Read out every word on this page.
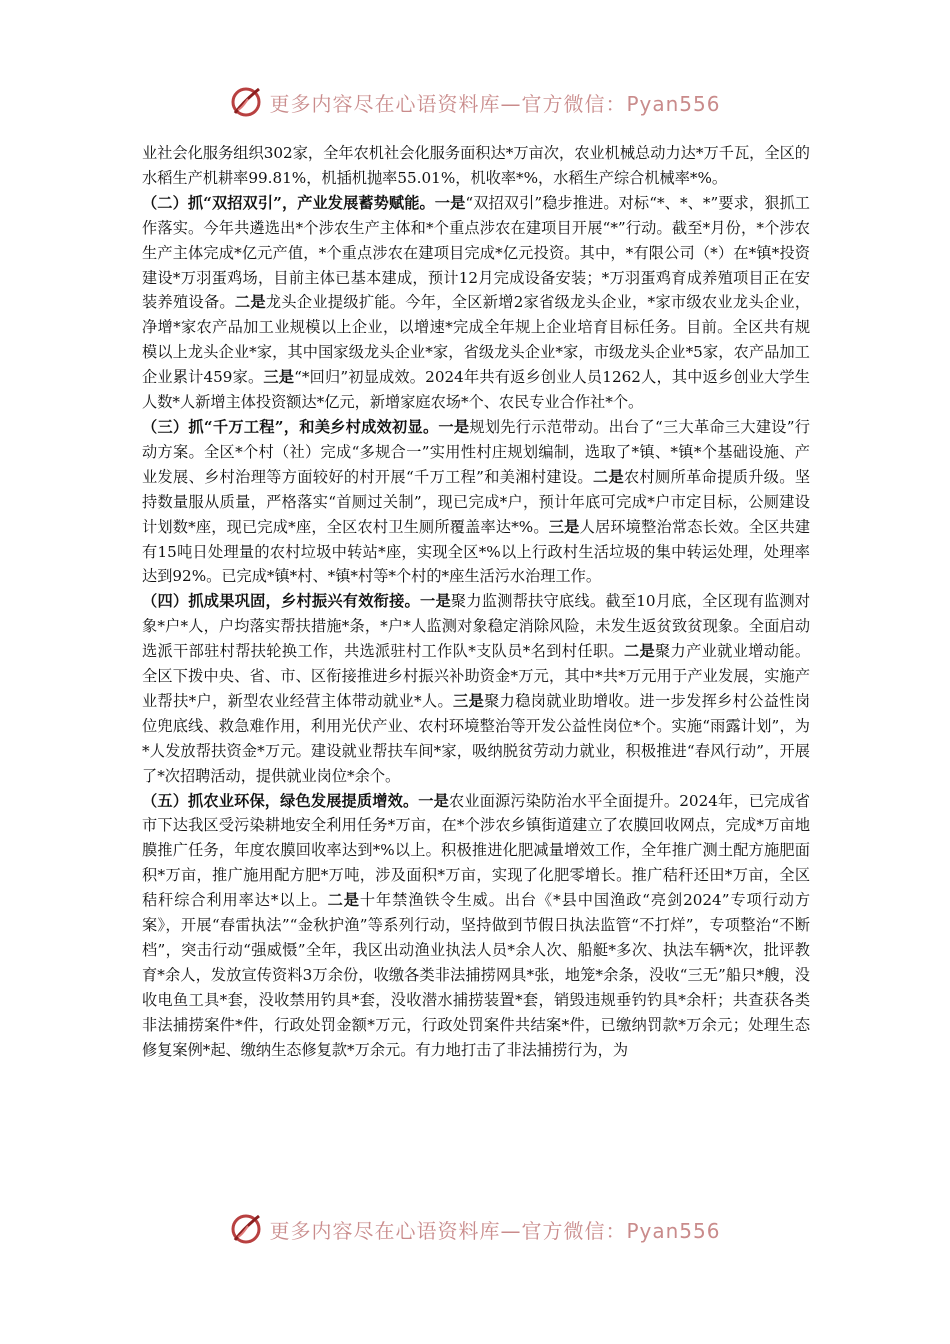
更多内容尽在心语资料库—官方微信：Pyan556

业社会化服务组织302家，全年农机社会化服务面积达*万亩次，农业机械总动力达*万千瓦，全区的水稻生产机耕率99.81%，机插机抛率55.01%，机收率*%，水稻生产综合机械率*%。

（二）抓“双招双引”，产业发展蓄势赋能。一是“双招双引”稳步推进。对标“*、*、*”要求，狠抓工作落实。今年共遴选出*个涉农生产主体和*个重点涉农在建项目开展“*”行动。截至*月份，*个涉农生产主体完成*亿元产值，*个重点涉农在建项目完成*亿元投资。其中，*有限公司（*）在*镇*投资建设*万羽蛋鸡场，目前主体已基本建成，预计12月完成设备安装；*万羽蛋鸡育成养殖项目正在安装养殖设备。二是龙头企业提级扩能。今年，全区新增2家省级龙头企业，*家市级农业龙头企业，净增*家农产品加工业规模以上企业，以增速*完成全年规上企业培育目标任务。目前。全区共有规模以上龙头企业*家，其中国家级龙头企业*家，省级龙头企业*家，市级龙头企业*5家，农产品加工企业累计459家。三是“*回归”初显成效。2024年共有返乡创业人员1262人，其中返乡创业大学生人数*人新增主体投资额达*亿元，新增家庭农场*个、农民专业合作社*个。

（三）抓“千万工程”，和美乡村成效初显。一是规划先行示范带动。出台了“三大革命三大建设”行动方案。全区*个村（社）完成“多规合一”实用性村庄规划编制，选取了*镇、*镇*个基础设施、产业发展、乡村治理等方面较好的村开展“千万工程”和美湘村建设。二是农村厕所革命提质升级。坚持数量服从质量，严格落实“首厕过关制”，现已完成*户，预计年底可完成*户市定目标，公厕建设计划数*座，现已完成*座，全区农村卫生厕所覆盖率达*%。三是人居环境整治常态长效。全区共建有15吨日处理量的农村垃圾中转站*座，实现全区*%以上行政村生活垃圾的集中转运处理，处理率达到92%。已完成*镇*村、*镇*村等*个村的*座生活污水治理工作。

（四）抓成果巩固，乡村振兴有效衔接。一是聚力监测帮扶守底线。截至10月底，全区现有监测对象*户*人，户均落实帮扶措施*条，*户*人监测对象稳定消除风险，未发生返贫致贫现象。全面启动选派干部驻村帮扶轮换工作，共选派驻村工作队*支队员*名到村任职。二是聚力产业就业增动能。全区下拨中央、省、市、区衔接推进乡村振兴补助资金*万元，其中*共*万元用于产业发展，实施产业帮扶*户，新型农业经营主体带动就业*人。三是聚力稳岗就业助增收。进一步发挥乡村公益性岗位兜底线、救急难作用，利用光伏产业、农村环境整治等开发公益性岗位*个。实施“雨露计划”，为*人发放帮扶资金*万元。建设就业帮扶车间*家，吸纳脱贫劳动力就业，积极推进“春风行动”，开展了*次招聘活动，提供就业岗位*余个。

（五）抓农业环保，绿色发展提质增效。一是农业面源污染防治水平全面提升。2024年，已完成省市下达我区受污染耕地安全利用任务*万亩，在*个涉农乡镇街道建立了农膜回收网点，完成*万亩地膜推广任务，年度农膜回收率达到*%以上。积极推进化肥减量增效工作，全年推广测土配方施肥面积*万亩，推广施用配方肥*万吨，涉及面积*万亩，实现了化肥零增长。推广秸秆还田*万亩，全区秸秆综合利用率达*以上。二是十年禁渔铁令生威。出台《*县中国渔政“亮剑2024”专项行动方案》，开展“春雷执法”“金秋护渔”等系列行动，坚持做到节假日执法监管“不打烊”，专项整治“不断档”，突击行动“强威慑”全年，我区出动渔业执法人员*余人次、船艇*多次、执法车辆*次，批评教育*余人，发放宣传资料3万余份，收缴各类非法捕捞网具*张，地笼*余条，没收“三无”船只*艘，没收电鱼工具*套，没收禁用钓具*套，没收潜水捕捞装置*套，销毁违规垂钓钓具*余杆；共查获各类非法捕捞案件*件，行政处罚金额*万元，行政处罚案件共结案*件，已缴纳罚款*万余元；处理生态修复案例*起、缴纳生态修复款*万余元。有力地打击了非法捕捞行为，为

更多内容尽在心语资料库—官方微信：Pyan556
